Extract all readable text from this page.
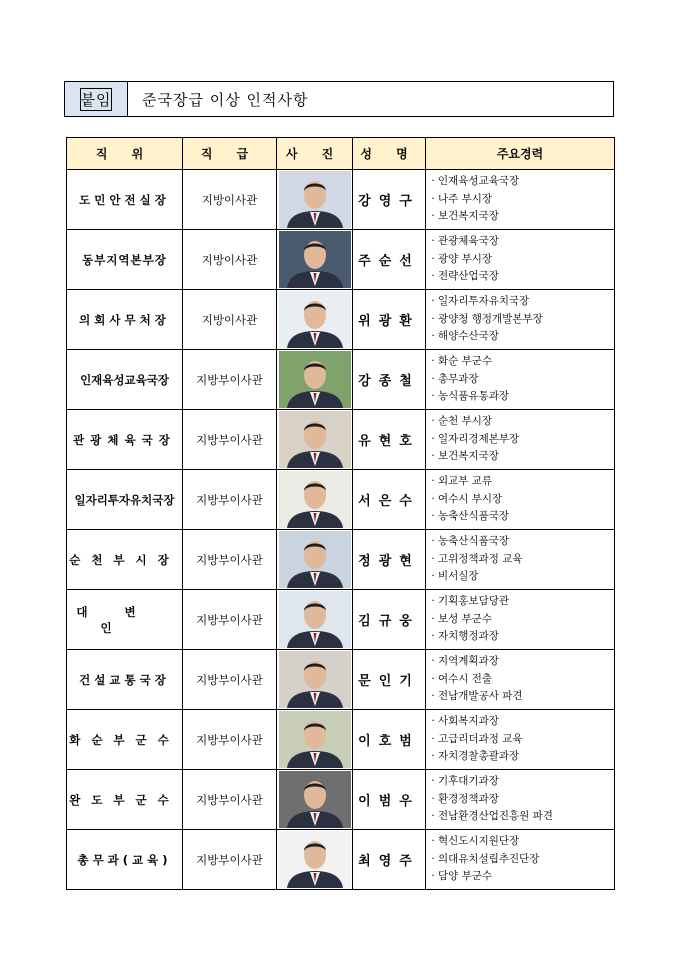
붙임	준국장급 이상 인적사항
직 위	직 급	사 진	성 명	주요경력
도민안전실장	지방이사관		강영구	· 인재육성교육국장
· 나주 부시장
· 보건복지국장

동부지역본부장	지방이사관		주순선	· 관광체육국장
· 광양 부시장
· 전략산업국장

의회사무처장	지방이사관		위광환	· 일자리투자유치국장
· 광양청 행정개발본부장
· 해양수산국장

인재육성교육국장	지방부이사관		강종철	· 화순 부군수
· 총무과장
· 농식품유통과장

관광체육국장	지방부이사관		유현호	· 순천 부시장
· 일자리경제본부장
· 보건복지국장

일자리투자유치국장	지방부이사관		서은수	· 외교부 교류
· 여수시 부시장
· 농축산식품국장

순천부시장	지방부이사관		정광현	· 농축산식품국장
· 고위정책과정 교육
· 비서실장

대변인	지방부이사관		김규웅	· 기획홍보담당관
· 보성 부군수
· 자치행정과장

건설교통국장	지방부이사관		문인기	· 지역계획과장
· 여수시 전출
· 전남개발공사 파견

화순부군수	지방부이사관		이호범	· 사회복지과장
· 고급리더과정 교육
· 자치경찰총괄과장

완도부군수	지방부이사관		이범우	· 기후대기과장
· 환경정책과장
· 전남환경산업진흥원 파견

총무과(교육)	지방부이사관		최영주	· 혁신도시지원단장
· 의대유치설립추진단장
· 담양 부군수
